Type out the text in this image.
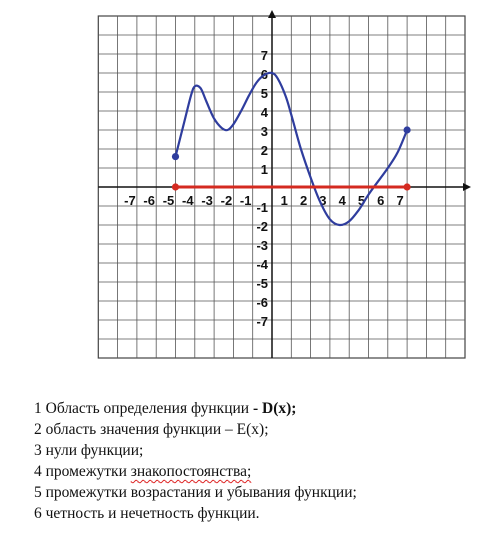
-7 -6 -5 -4 -3 -2 -1 1 2 3 4 5 6 7
7
6
5
4
3
2
1
-1
-2
-3
-4
-5
-6
-7
1 Область определения функции - D(x);
2 область значения функции – E(x);
3 нули функции;
4 промежутки знакопостоянства;
5 промежутки возрастания и убывания функции;
6 четность и нечетность функции.
